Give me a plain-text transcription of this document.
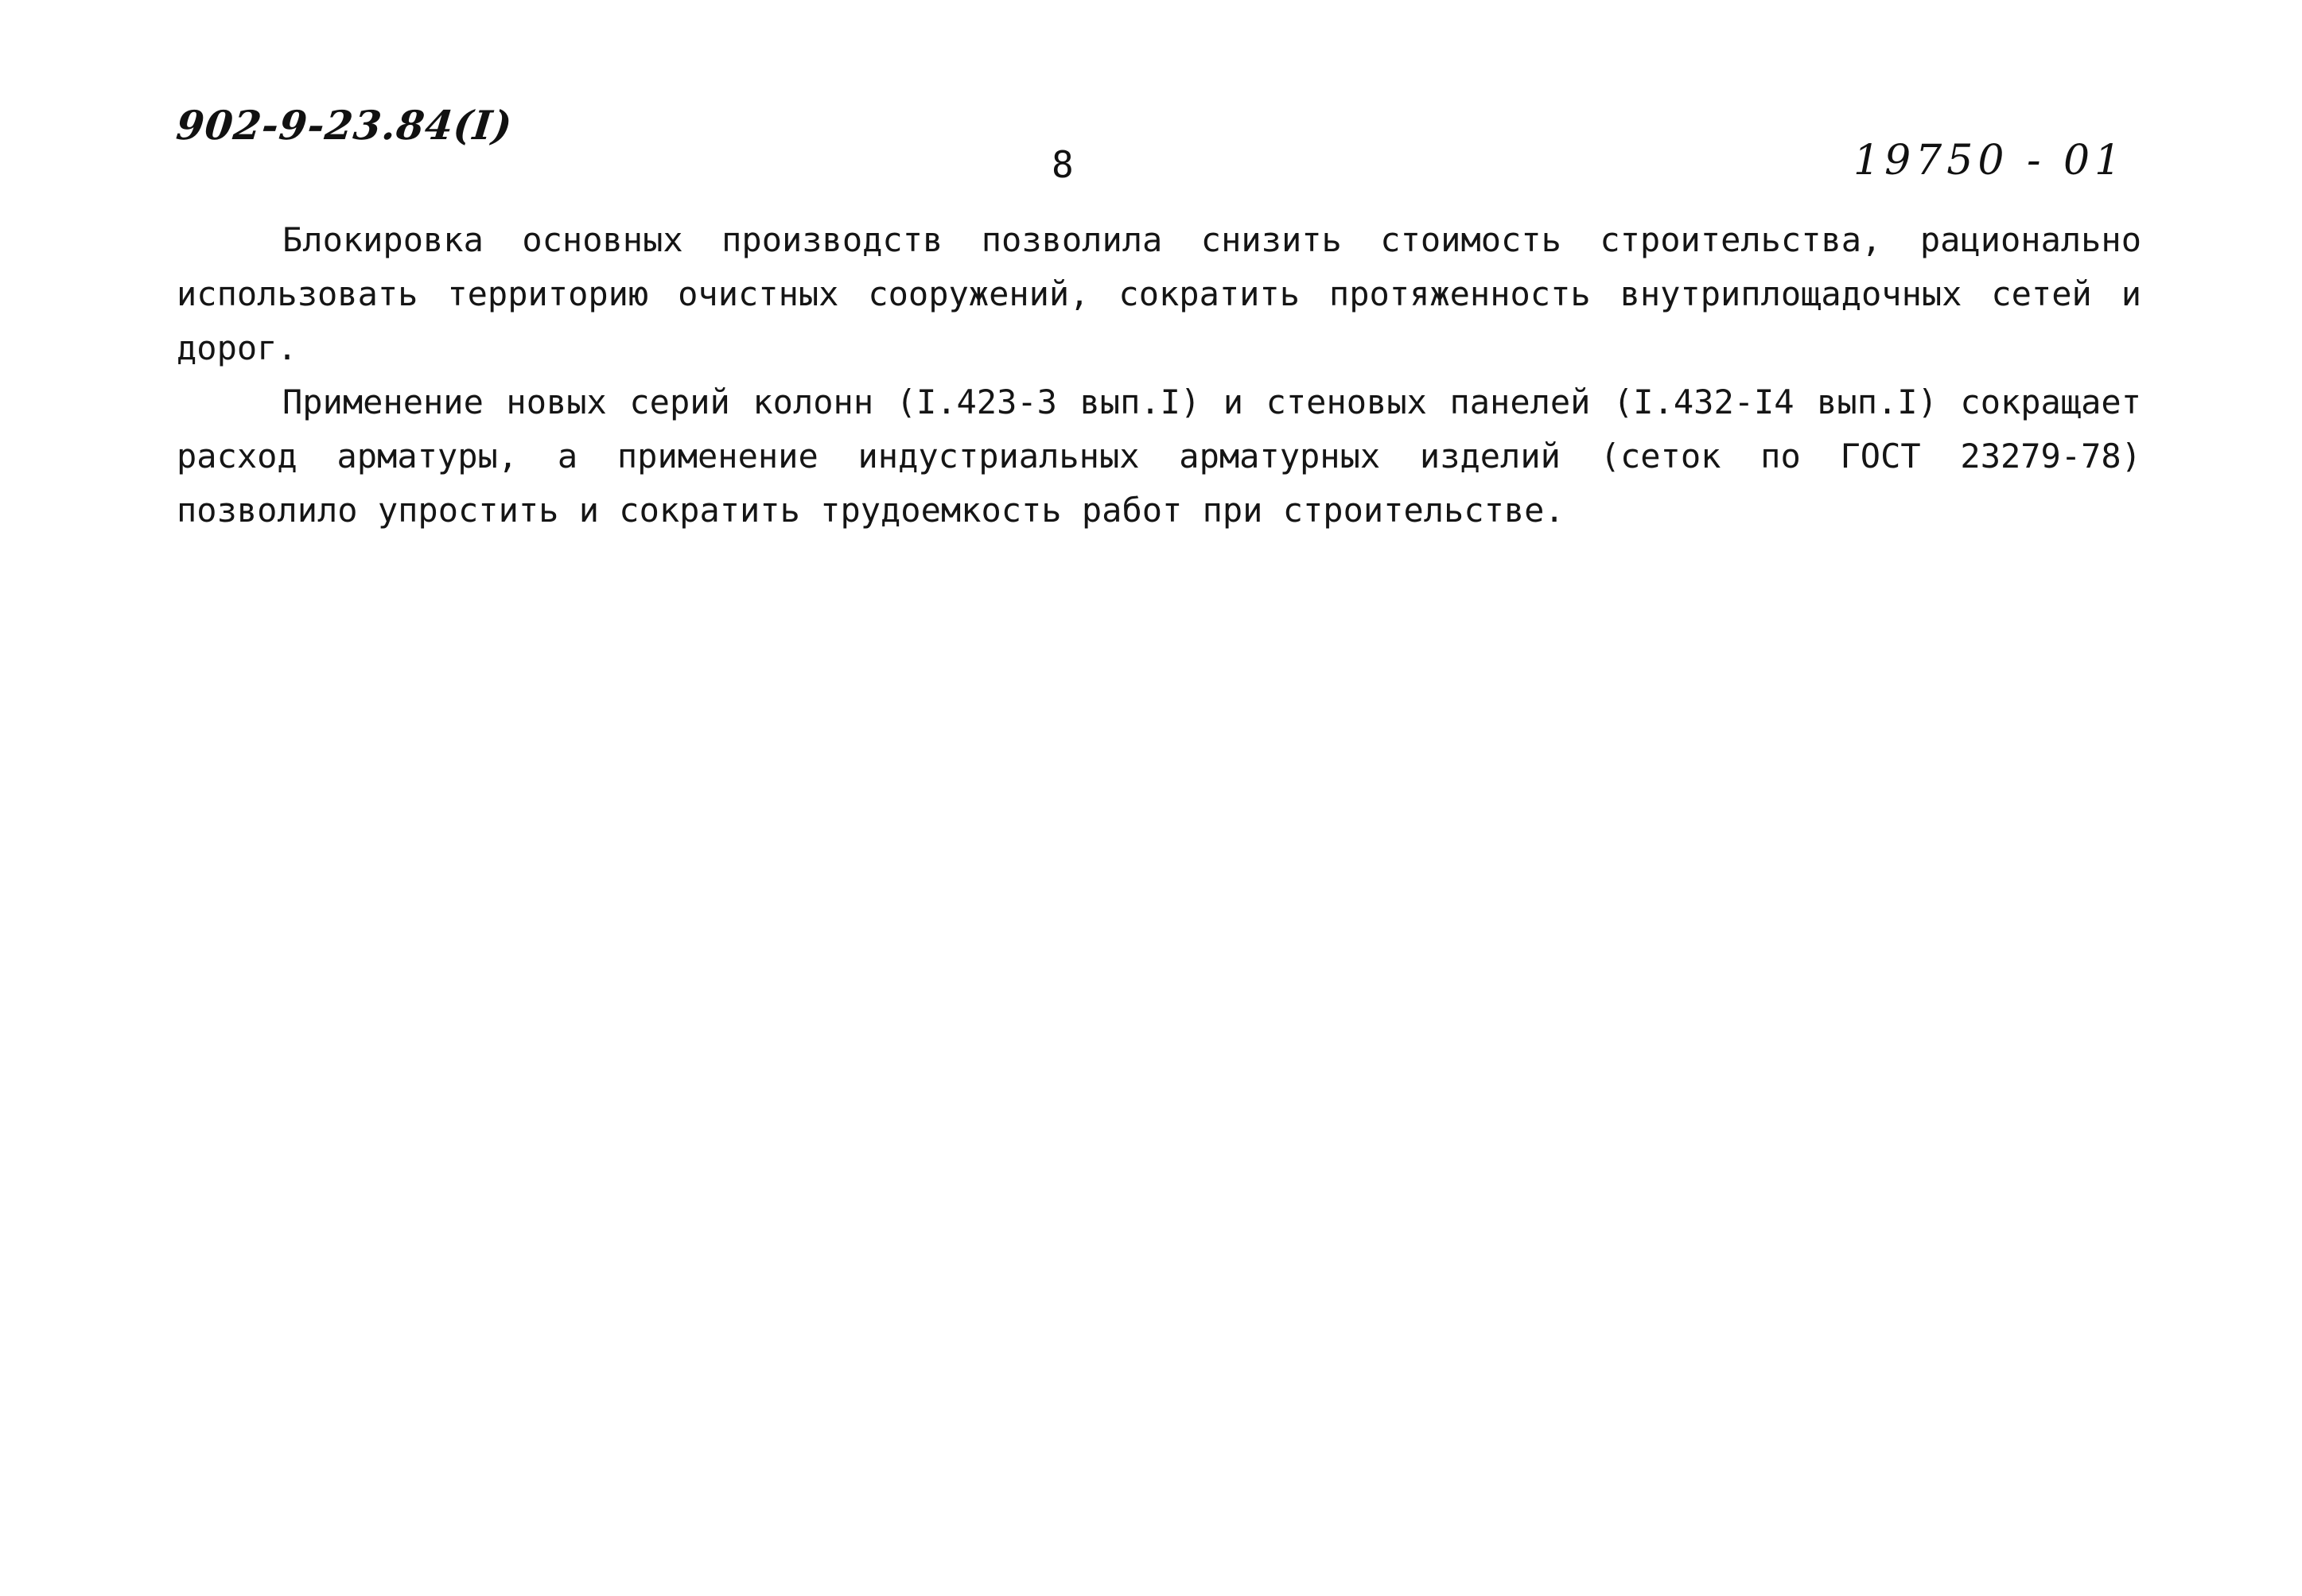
902-9-23.84(I)
8	19750 - 01

Блокировка основных производств позволила снизить стоимость строительства, рационально использовать территорию очистных сооружений, сократить протяженность внутриплощадочных сетей и дорог.

Применение новых серий колонн (I.423-3 вып.I) и стеновых панелей (I.432-I4 вып.I) сокращает расход арматуры, а применение индустриальных арматурных изделий (сеток по ГОСТ 23279-78) позволило упростить и сократить трудоемкость работ при строительстве.
